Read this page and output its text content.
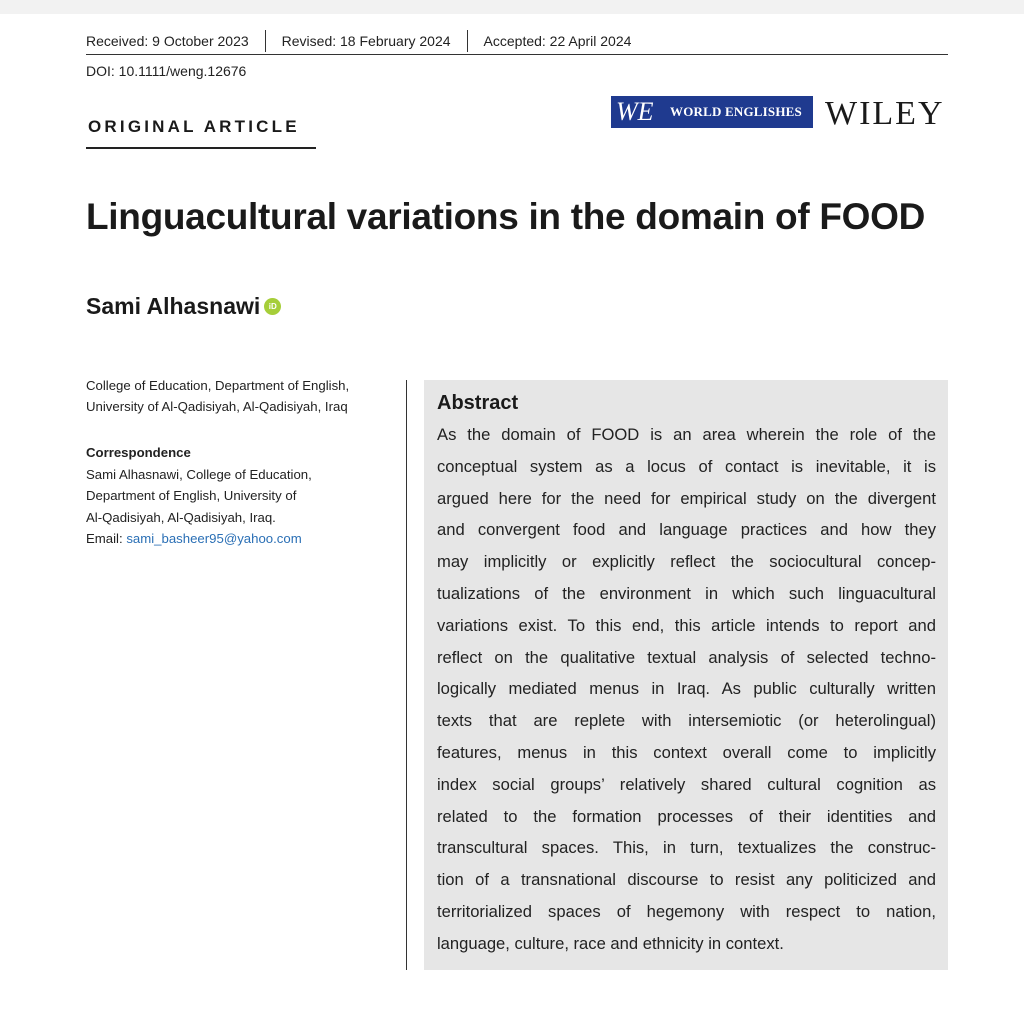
Received: 9 October 2023 Revised: 18 February 2024 Accepted: 22 April 2024
DOI: 10.1111/weng.12676
ORIGINAL ARTICLE
WE	WORLD ENGLISHES WILEY
Linguacultural variations in the domain of FOOD
Sami Alhasnawi	iD
College of Education, Department of English,
University of Al-Qadisiyah, Al-Qadisiyah, Iraq
Correspondence
Sami Alhasnawi, College of Education,
Department of English, University of
Al-Qadisiyah, Al-Qadisiyah, Iraq.
Email: sami_basheer95@yahoo.com
Abstract

As the domain of FOOD is an area wherein the role of the
conceptual system as a locus of contact is inevitable, it is
argued here for the need for empirical study on the divergent
and convergent food and language practices and how they
may implicitly or explicitly reflect the sociocultural concep-
tualizations of the environment in which such linguacultural
variations exist. To this end, this article intends to report and
reflect on the qualitative textual analysis of selected techno-
logically mediated menus in Iraq. As public culturally written
texts that are replete with intersemiotic (or heterolingual)
features, menus in this context overall come to implicitly
index social groups’ relatively shared cultural cognition as
related to the formation processes of their identities and
transcultural spaces. This, in turn, textualizes the construc-
tion of a transnational discourse to resist any politicized and
territorialized spaces of hegemony with respect to nation,
language, culture, race and ethnicity in context.
